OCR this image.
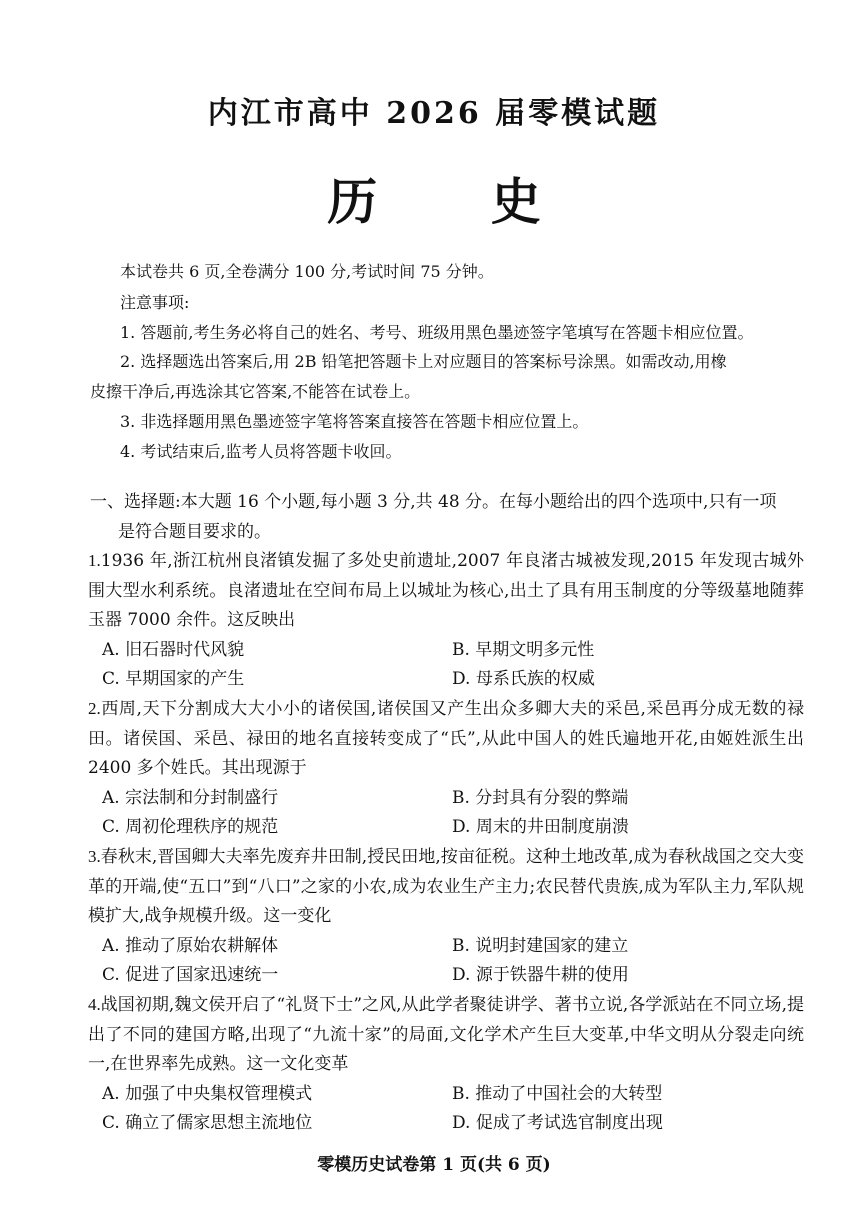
内江市高中 2026 届零模试题
历 史
本试卷共 6 页,全卷满分 100 分,考试时间 75 分钟。
注意事项:
1. 答题前,考生务必将自己的姓名、考号、班级用黑色墨迹签字笔填写在答题卡相应位置。
2. 选择题选出答案后,用 2B 铅笔把答题卡上对应题目的答案标号涂黑。如需改动,用橡
皮擦干净后,再选涂其它答案,不能答在试卷上。
3. 非选择题用黑色墨迹签字笔将答案直接答在答题卡相应位置上。
4. 考试结束后,监考人员将答题卡收回。
一、选择题:本大题 16 个小题,每小题 3 分,共 48 分。在每小题给出的四个选项中,只有一项
是符合题目要求的。
1.1936 年,浙江杭州良渚镇发掘了多处史前遗址,2007 年良渚古城被发现,2015 年发现古城外围大型水利系统。良渚遗址在空间布局上以城址为核心,出土了具有用玉制度的分等级墓地随葬玉器 7000 余件。这反映出
A. 旧石器时代风貌	B. 早期文明多元性
C. 早期国家的产生	D. 母系氏族的权威
2.西周,天下分割成大大小小的诸侯国,诸侯国又产生出众多卿大夫的采邑,采邑再分成无数的禄田。诸侯国、采邑、禄田的地名直接转变成了“氏”,从此中国人的姓氏遍地开花,由姬姓派生出 2400 多个姓氏。其出现源于
A. 宗法制和分封制盛行	B. 分封具有分裂的弊端
C. 周初伦理秩序的规范	D. 周末的井田制度崩溃
3.春秋末,晋国卿大夫率先废弃井田制,授民田地,按亩征税。这种土地改革,成为春秋战国之交大变革的开端,使“五口”到“八口”之家的小农,成为农业生产主力;农民替代贵族,成为军队主力,军队规模扩大,战争规模升级。这一变化
A. 推动了原始农耕解体	B. 说明封建国家的建立
C. 促进了国家迅速统一	D. 源于铁器牛耕的使用
4.战国初期,魏文侯开启了“礼贤下士”之风,从此学者聚徒讲学、著书立说,各学派站在不同立场,提出了不同的建国方略,出现了“九流十家”的局面,文化学术产生巨大变革,中华文明从分裂走向统一,在世界率先成熟。这一文化变革
A. 加强了中央集权管理模式	B. 推动了中国社会的大转型
C. 确立了儒家思想主流地位	D. 促成了考试选官制度出现
零模历史试卷第 1 页(共 6 页)
